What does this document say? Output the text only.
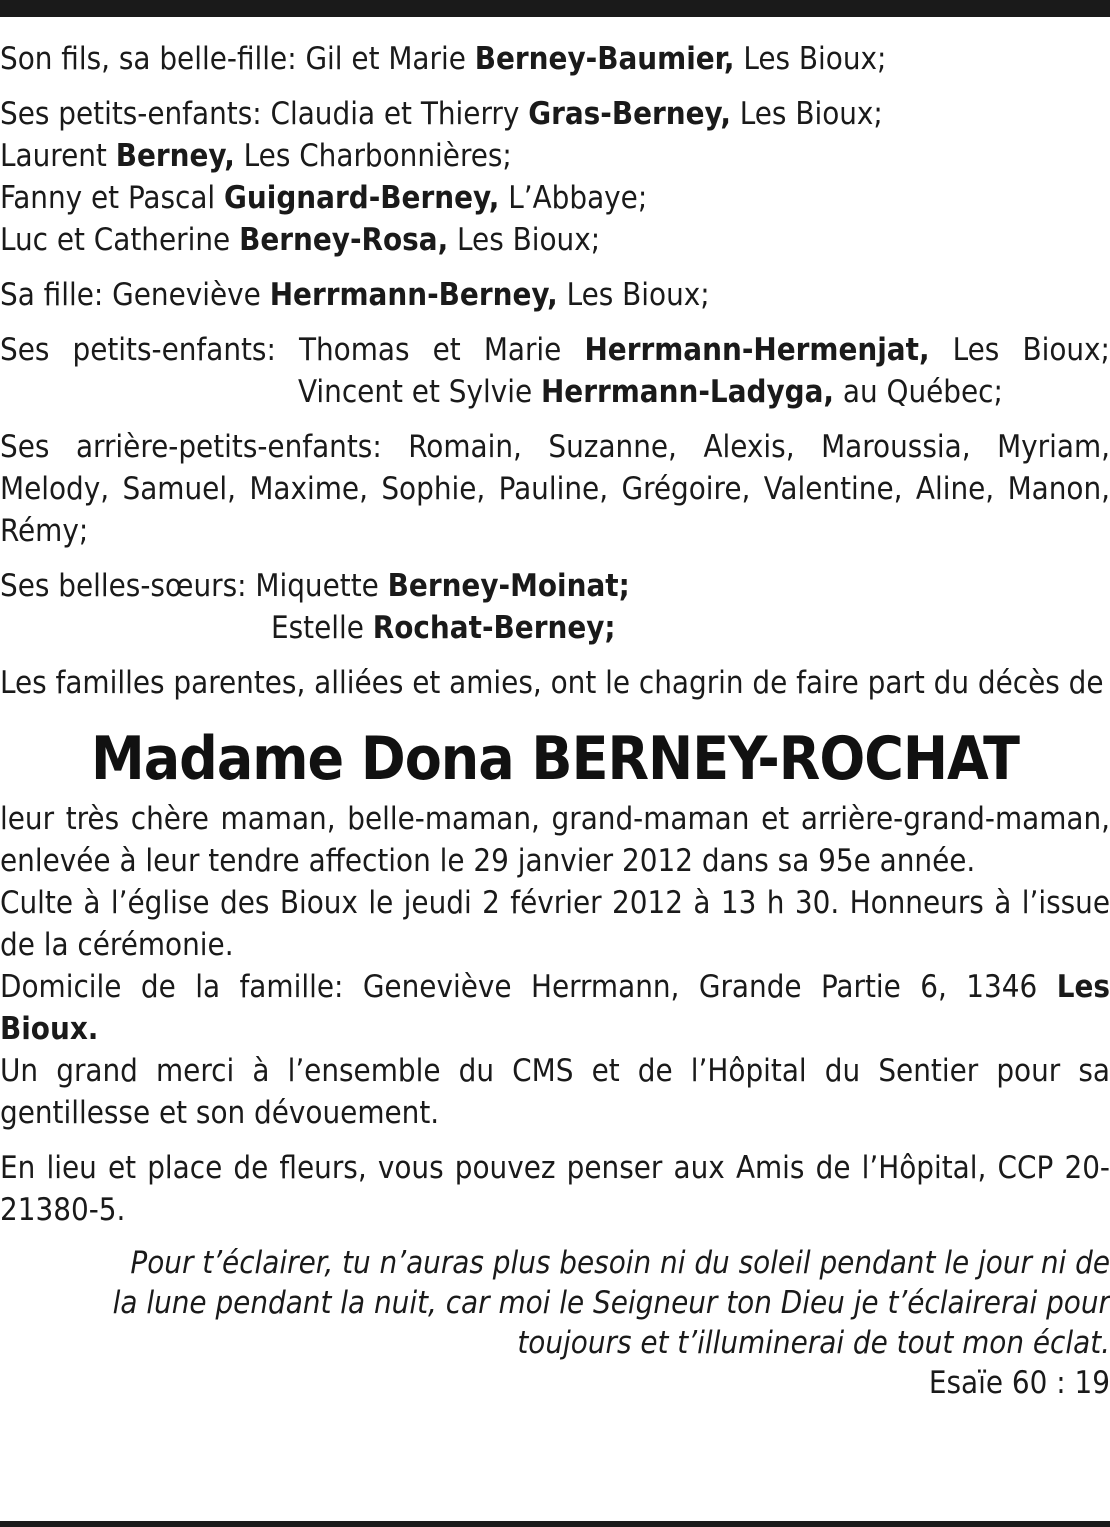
Son fils, sa belle-fille: Gil et Marie Berney-Baumier, Les Bioux;

Ses petits-enfants: Claudia et Thierry Gras-Berney, Les Bioux;

Laurent Berney, Les Charbonnières;

Fanny et Pascal Guignard-Berney, L’Abbaye;

Luc et Catherine Berney-Rosa, Les Bioux;

Sa fille: Geneviève Herrmann-Berney, Les Bioux;

Ses petits-enfants: Thomas et Marie Herrmann-Hermenjat, Les Bioux;

Vincent et Sylvie Herrmann-Ladyga, au Québec;

Ses arrière-petits-enfants: Romain, Suzanne, Alexis, Maroussia, Myriam, Melody, Samuel, Maxime, Sophie, Pauline, Grégoire, Valentine, Aline, Manon, Rémy;

Ses belles-sœurs: Miquette Berney-Moinat;

Estelle Rochat-Berney;

Les familles parentes, alliées et amies, ont le chagrin de faire part du décès de

Madame Dona BERNEY-ROCHAT

leur très chère maman, belle-maman, grand-maman et arrière-grand-maman, enlevée à leur tendre affection le 29 janvier 2012 dans sa 95e année.

Culte à l’église des Bioux le jeudi 2 février 2012 à 13 h 30. Honneurs à l’issue de la cérémonie.

Domicile de la famille: Geneviève Herrmann, Grande Partie 6, 1346 Les Bioux.

Un grand merci à l’ensemble du CMS et de l’Hôpital du Sentier pour sa gentillesse et son dévouement.

En lieu et place de fleurs, vous pouvez penser aux Amis de l’Hôpital, CCP 20-21380-5.

Pour t’éclairer, tu n’auras plus besoin ni du soleil pendant le jour ni de
la lune pendant la nuit, car moi le Seigneur ton Dieu je t’éclairerai pour
toujours et t’illuminerai de tout mon éclat.
Esaïe 60 : 19
